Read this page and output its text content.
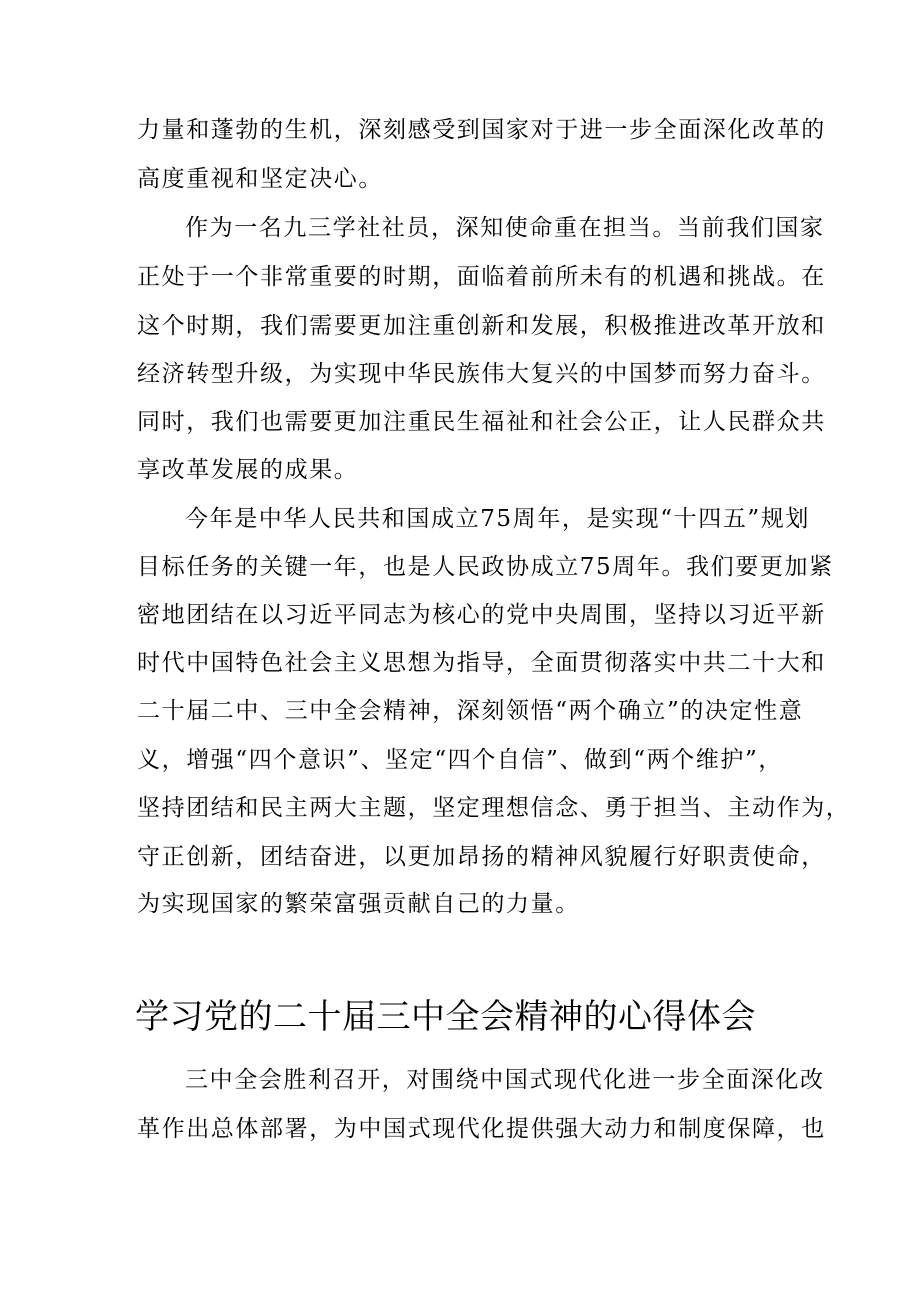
力量和蓬勃的生机，深刻感受到国家对于进一步全面深化改革的
高度重视和坚定决心。
作为一名九三学社社员，深知使命重在担当。当前我们国家
正处于一个非常重要的时期，面临着前所未有的机遇和挑战。在
这个时期，我们需要更加注重创新和发展，积极推进改革开放和
经济转型升级，为实现中华民族伟大复兴的中国梦而努力奋斗。
同时，我们也需要更加注重民生福祉和社会公正，让人民群众共
享改革发展的成果。
今年是中华人民共和国成立75周年，是实现“十四五”规划
目标任务的关键一年，也是人民政协成立75周年。我们要更加紧
密地团结在以习近平同志为核心的党中央周围，坚持以习近平新
时代中国特色社会主义思想为指导，全面贯彻落实中共二十大和
二十届二中、三中全会精神，深刻领悟“两个确立”的决定性意
义，增强“四个意识”、坚定“四个自信”、做到“两个维护”，
坚持团结和民主两大主题，坚定理想信念、勇于担当、主动作为，
守正创新，团结奋进，以更加昂扬的精神风貌履行好职责使命，
为实现国家的繁荣富强贡献自己的力量。
学习党的二十届三中全会精神的心得体会
三中全会胜利召开，对围绕中国式现代化进一步全面深化改
革作出总体部署，为中国式现代化提供强大动力和制度保障，也
